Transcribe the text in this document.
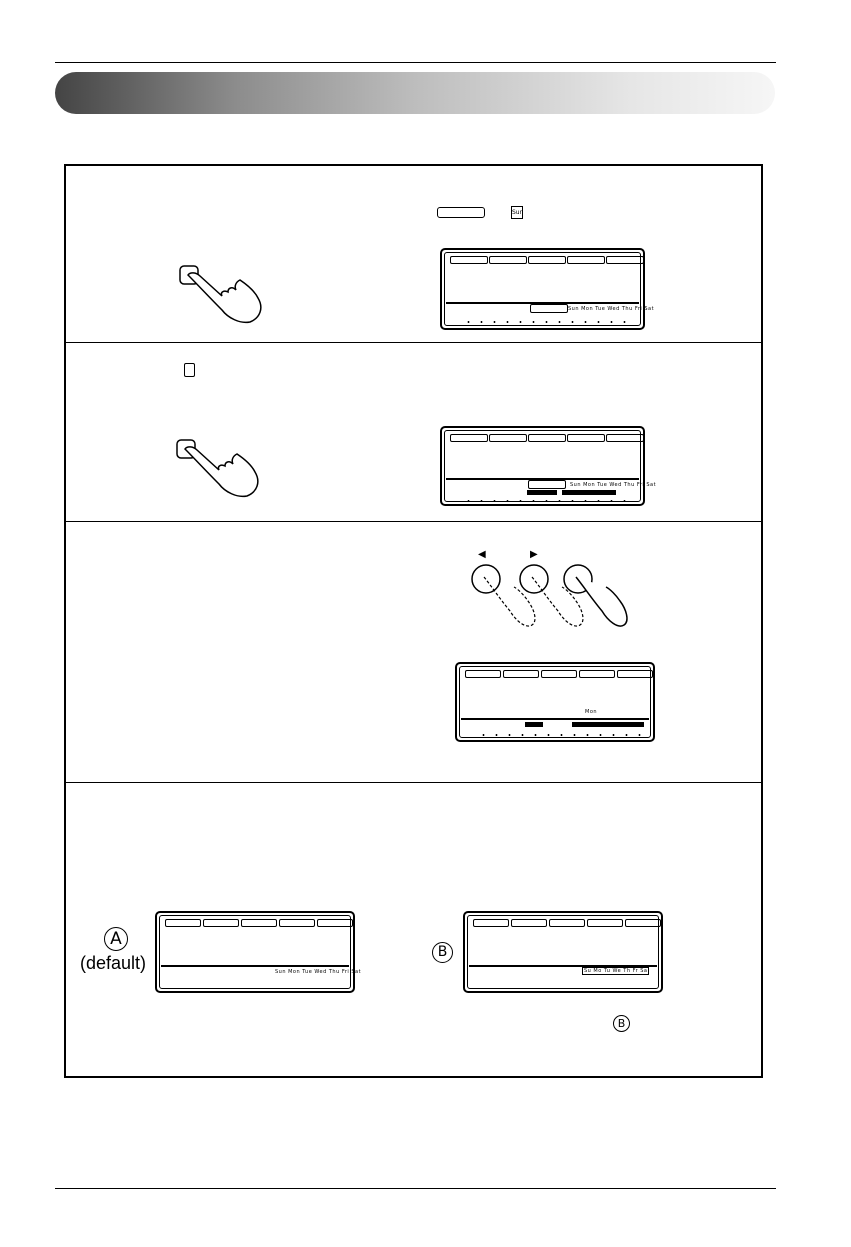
Sun
Sun Mon Tue Wed Thu Fri Sat
Sun Mon Tue Wed Thu Fri Sat
◀	▶
Mon
A
(default)	Sun Mon Tue Wed Thu Fri Sat
B
Su Mo Tu We Th Fr Sa
B
